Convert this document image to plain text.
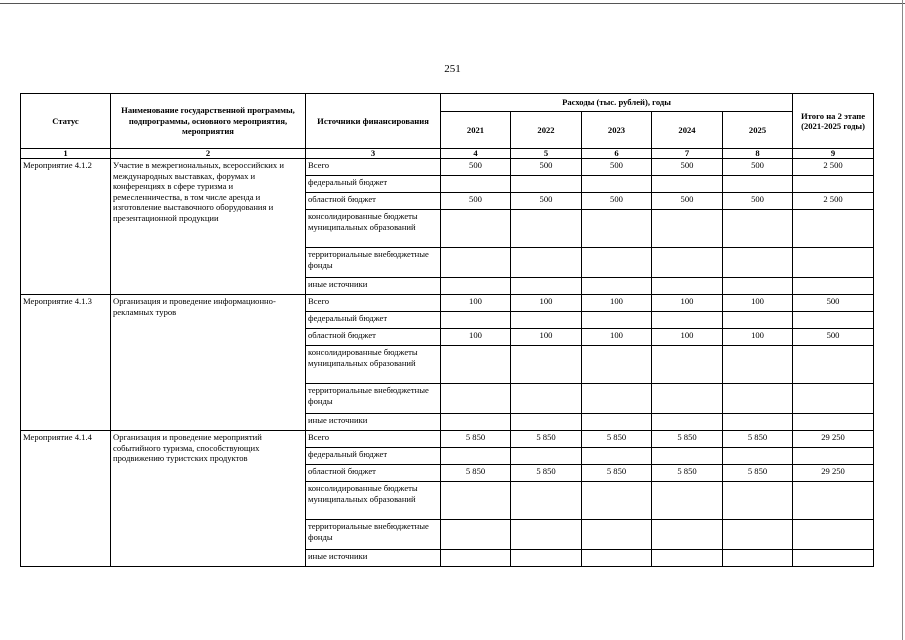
251
Статус	Наименование государственной программы, подпрограммы, основного мероприятия, мероприятия	Источники финансирования	Расходы (тыс. рублей), годы					Итого на 2 этапе (2021-2025 годы)
			2021	2022	2023	2024	2025	
1	2	3	4	5	6	7	8	9
Мероприятие 4.1.2	Участие в межрегиональных, всероссийских и международных выставках, форумах и конференциях в сфере туризма и ремесленничества, в том числе аренда и изготовление выставочного оборудования и презентационной продукции	Всего	500	500	500	500	500	2 500
		федеральный бюджет						
		областной бюджет	500	500	500	500	500	2 500
		консолидированные бюджеты муниципальных образований						
		территориальные внебюджетные фонды						
		иные источники						
Мероприятие 4.1.3	Организация и проведение информационно-рекламных туров	Всего	100	100	100	100	100	500
		федеральный бюджет						
		областной бюджет	100	100	100	100	100	500
		консолидированные бюджеты муниципальных образований						
		территориальные внебюджетные фонды						
		иные источники						
Мероприятие 4.1.4	Организация и проведение мероприятий событийного туризма, способствующих продвижению туристских продуктов	Всего	5 850	5 850	5 850	5 850	5 850	29 250
		федеральный бюджет						
		областной бюджет	5 850	5 850	5 850	5 850	5 850	29 250
		консолидированные бюджеты муниципальных образований						
		территориальные внебюджетные фонды						
		иные источники						
